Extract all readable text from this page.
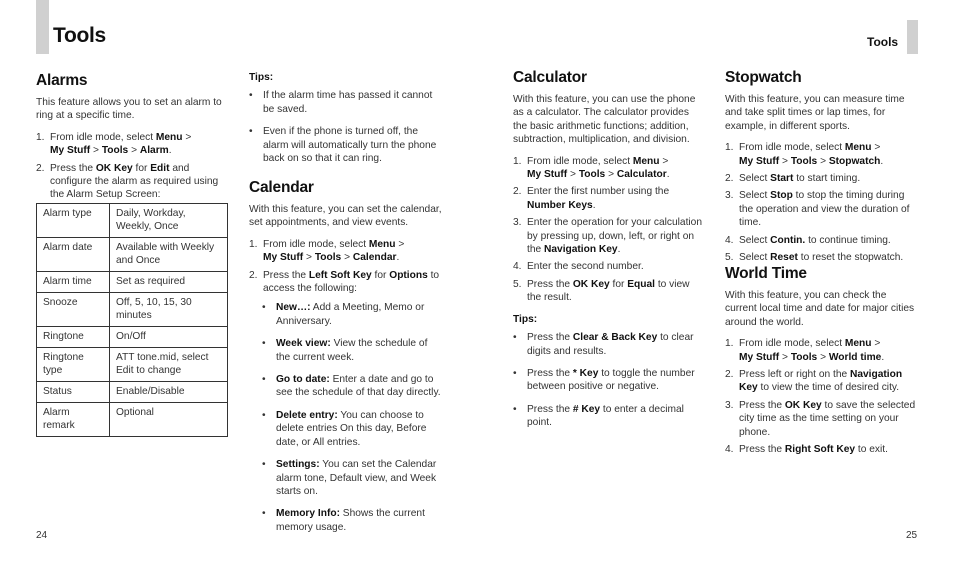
Tools	Tools
Alarms

This feature allows you to set an alarm to ring at a specific time.

1. From idle mode, select Menu >
My Stuff > Tools > Alarm.
2. Press the OK Key for Edit and configure the alarm as required using the Alarm Setup Screen:
Alarm type	Daily, Workday, Weekly, Once
Alarm date	Available with Weekly and Once
Alarm time	Set as required
Snooze	Off, 5, 10, 15, 30 minutes
Ringtone	On/Off
Ringtone type	ATT tone.mid, select Edit to change
Status	Enable/Disable
Alarm remark	Optional
Tips:
• If the alarm time has passed it cannot be saved.
• Even if the phone is turned off, the alarm will automatically turn the phone back on so that it can ring.
Calendar

With this feature, you can set the calendar, set appointments, and view events.

1. From idle mode, select Menu >
My Stuff > Tools > Calendar.
2. Press the Left Soft Key for Options to access the following:
• New…: Add a Meeting, Memo or Anniversary.
• Week view: View the schedule of the current week.
• Go to date: Enter a date and go to see the schedule of that day directly.
• Delete entry: You can choose to delete entries On this day, Before date, or All entries.
• Settings: You can set the Calendar alarm tone, Default view, and Week starts on.
• Memory Info: Shows the current memory usage.
Calculator

With this feature, you can use the phone as a calculator. The calculator provides the basic arithmetic functions; addition, subtraction, multiplication, and division.

1. From idle mode, select Menu >
My Stuff > Tools > Calculator.
2. Enter the first number using the Number Keys.
3. Enter the operation for your calculation by pressing up, down, left, or right on the Navigation Key.
4. Enter the second number.
5. Press the OK Key for Equal to view the result.
Tips:
• Press the Clear & Back Key to clear digits and results.
• Press the * Key to toggle the number between positive or negative.
• Press the # Key to enter a decimal point.
Stopwatch

With this feature, you can measure time and take split times or lap times, for example, in different sports.

1. From idle mode, select Menu >
My Stuff > Tools > Stopwatch.
2. Select Start to start timing.
3. Select Stop to stop the timing during the operation and view the duration of time.
4. Select Contin. to continue timing.
5. Select Reset to reset the stopwatch.
World Time

With this feature, you can check the current local time and date for major cities around the world.

1. From idle mode, select Menu >
My Stuff > Tools > World time.
2. Press left or right on the Navigation Key to view the time of desired city.
3. Press the OK Key to save the selected city time as the time setting on your phone.
4. Press the Right Soft Key to exit.
24	25
